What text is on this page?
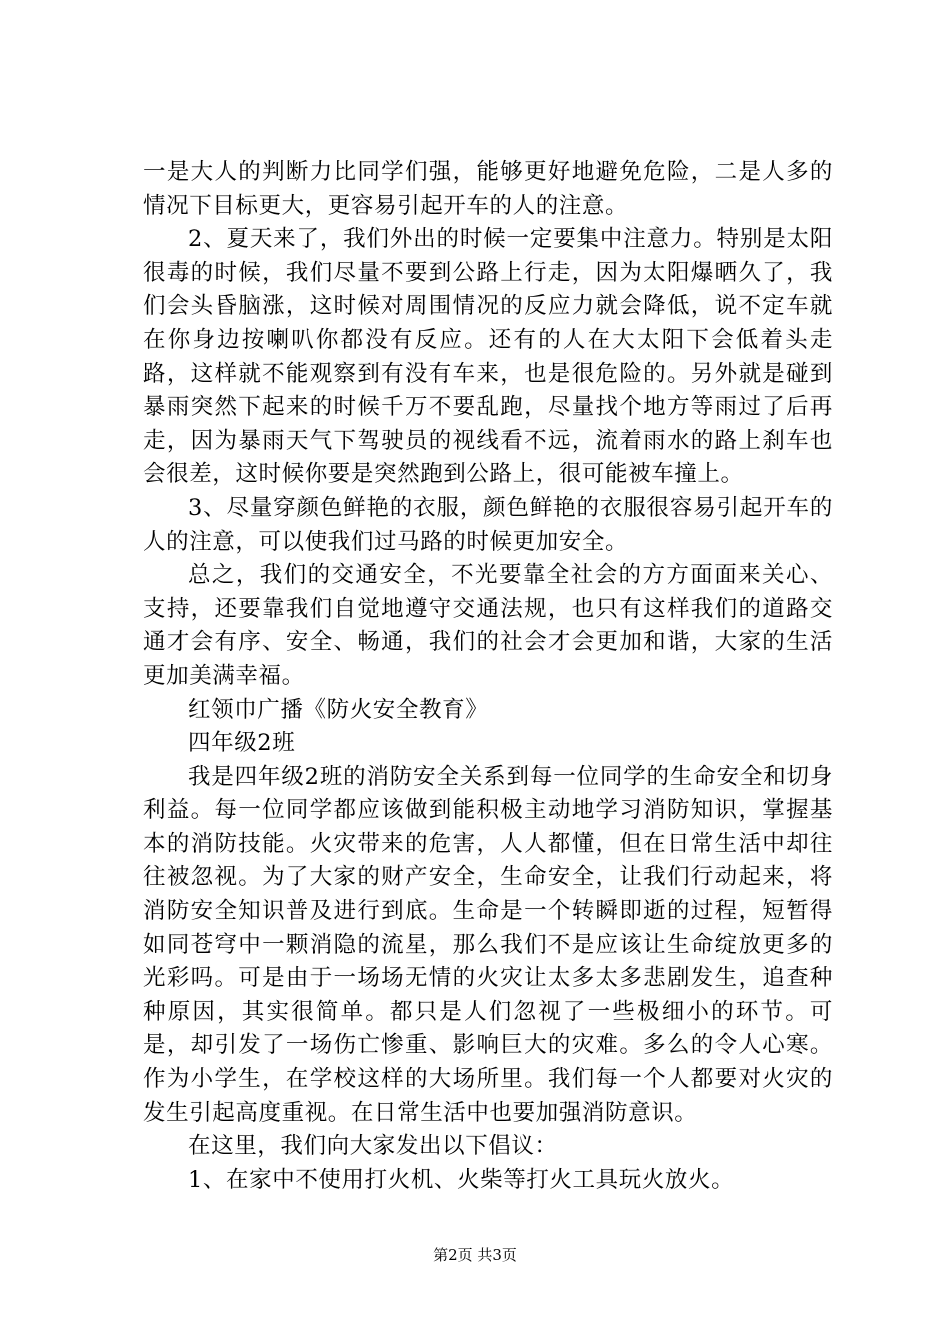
一是大人的判断力比同学们强，能够更好地避免危险，二是人多的情况下目标更大，更容易引起开车的人的注意。

2、夏天来了，我们外出的时候一定要集中注意力。特别是太阳很毒的时候，我们尽量不要到公路上行走，因为太阳爆晒久了，我们会头昏脑涨，这时候对周围情况的反应力就会降低，说不定车就在你身边按喇叭你都没有反应。还有的人在大太阳下会低着头走路，这样就不能观察到有没有车来，也是很危险的。另外就是碰到暴雨突然下起来的时候千万不要乱跑，尽量找个地方等雨过了后再走，因为暴雨天气下驾驶员的视线看不远，流着雨水的路上刹车也会很差，这时候你要是突然跑到公路上，很可能被车撞上。

3、尽量穿颜色鲜艳的衣服，颜色鲜艳的衣服很容易引起开车的人的注意，可以使我们过马路的时候更加安全。

总之，我们的交通安全，不光要靠全社会的方方面面来关心、支持，还要靠我们自觉地遵守交通法规，也只有这样我们的道路交通才会有序、安全、畅通，我们的社会才会更加和谐，大家的生活更加美满幸福。

红领巾广播《防火安全教育》

四年级2班

我是四年级2班的消防安全关系到每一位同学的生命安全和切身利益。每一位同学都应该做到能积极主动地学习消防知识，掌握基本的消防技能。火灾带来的危害，人人都懂，但在日常生活中却往往被忽视。为了大家的财产安全，生命安全，让我们行动起来，将消防安全知识普及进行到底。生命是一个转瞬即逝的过程，短暂得如同苍穹中一颗消隐的流星，那么我们不是应该让生命绽放更多的光彩吗。可是由于一场场无情的火灾让太多太多悲剧发生，追查种种原因，其实很简单。都只是人们忽视了一些极细小的环节。可是，却引发了一场伤亡惨重、影响巨大的灾难。多么的令人心寒。作为小学生，在学校这样的大场所里。我们每一个人都要对火灾的发生引起高度重视。在日常生活中也要加强消防意识。

在这里，我们向大家发出以下倡议：

1、在家中不使用打火机、火柴等打火工具玩火放火。

第2页 共3页
